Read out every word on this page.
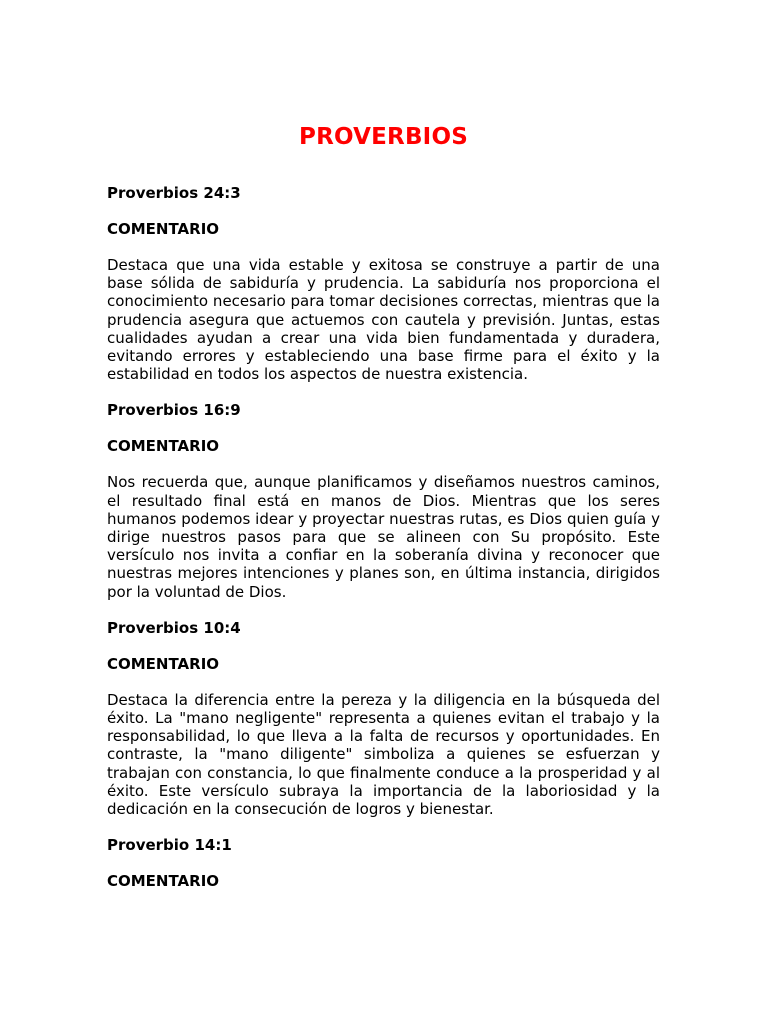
PROVERBIOS
Proverbios 24:3
COMENTARIO

Destaca que una vida estable y exitosa se construye a partir de una base sólida de sabiduría y prudencia. La sabiduría nos proporciona el conocimiento necesario para tomar decisiones correctas, mientras que la prudencia asegura que actuemos con cautela y previsión. Juntas, estas cualidades ayudan a crear una vida bien fundamentada y duradera, evitando errores y estableciendo una base firme para el éxito y la estabilidad en todos los aspectos de nuestra existencia.

Proverbios 16:9
COMENTARIO

Nos recuerda que, aunque planificamos y diseñamos nuestros caminos, el resultado final está en manos de Dios. Mientras que los seres humanos podemos idear y proyectar nuestras rutas, es Dios quien guía y dirige nuestros pasos para que se alineen con Su propósito. Este versículo nos invita a confiar en la soberanía divina y reconocer que nuestras mejores intenciones y planes son, en última instancia, dirigidos por la voluntad de Dios.

Proverbios 10:4
COMENTARIO

Destaca la diferencia entre la pereza y la diligencia en la búsqueda del éxito. La "mano negligente" representa a quienes evitan el trabajo y la responsabilidad, lo que lleva a la falta de recursos y oportunidades. En contraste, la "mano diligente" simboliza a quienes se esfuerzan y trabajan con constancia, lo que finalmente conduce a la prosperidad y al éxito. Este versículo subraya la importancia de la laboriosidad y la dedicación en la consecución de logros y bienestar.

Proverbio 14:1
COMENTARIO
